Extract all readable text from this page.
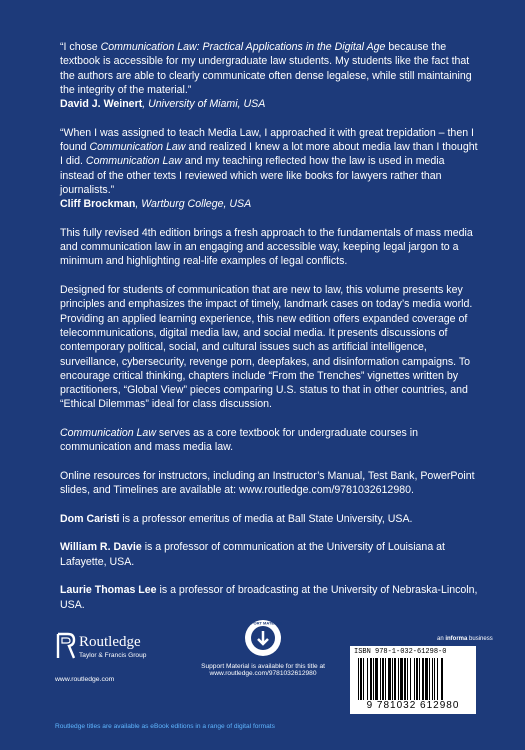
“I chose Communication Law: Practical Applications in the Digital Age because the textbook is accessible for my undergraduate law students. My students like the fact that the authors are able to clearly communicate often dense legalese, while still maintaining the integrity of the material.”
David J. Weinert, University of Miami, USA

“When I was assigned to teach Media Law, I approached it with great trepidation – then I found Communication Law and realized I knew a lot more about media law than I thought I did. Communication Law and my teaching reflected how the law is used in media instead of the other texts I reviewed which were like books for lawyers rather than journalists.”
Cliff Brockman, Wartburg College, USA

This fully revised 4th edition brings a fresh approach to the fundamentals of mass media and communication law in an engaging and accessible way, keeping legal jargon to a minimum and highlighting real-life examples of legal conflicts.

Designed for students of communication that are new to law, this volume presents key principles and emphasizes the impact of timely, landmark cases on today’s media world. Providing an applied learning experience, this new edition offers expanded coverage of telecommunications, digital media law, and social media. It presents discussions of contemporary political, social, and cultural issues such as artificial intelligence, surveillance, cybersecurity, revenge porn, deepfakes, and disinformation campaigns. To encourage critical thinking, chapters include “From the Trenches” vignettes written by practitioners, “Global View” pieces comparing U.S. status to that in other countries, and “Ethical Dilemmas” ideal for class discussion.

Communication Law serves as a core textbook for undergraduate courses in communication and mass media law.

Online resources for instructors, including an Instructor’s Manual, Test Bank, PowerPoint slides, and Timelines are available at: www.routledge.com/9781032612980.

Dom Caristi is a professor emeritus of media at Ball State University, USA.

William R. Davie is a professor of communication at the University of Louisiana at Lafayette, USA.

Laurie Thomas Lee is a professor of broadcasting at the University of Nebraska-Lincoln, USA.

Routledge
Taylor & Francis Group
www.routledge.com
SUPPORT MATERIAL
Support Material is available for this title at
www.routledge.com/9781032612980
an informa business
ISBN 978-1-032-61298-0
9 781032 612980
Routledge titles are available as eBook editions in a range of digital formats
